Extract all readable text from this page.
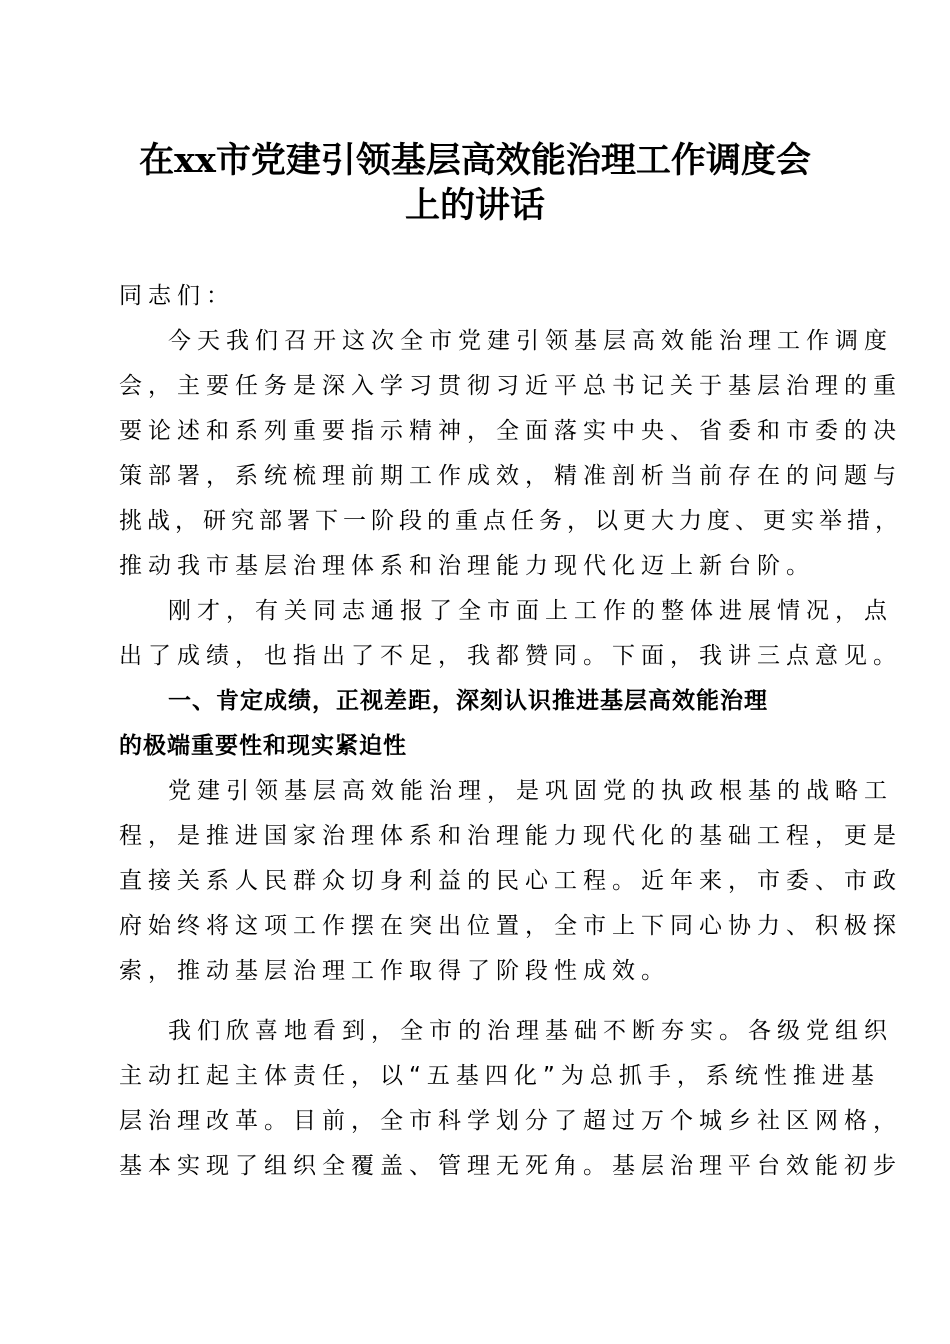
在xx市党建引领基层高效能治理工作调度会
上的讲话
同志们：
今天我们召开这次全市党建引领基层高效能治理工作调度
会，主要任务是深入学习贯彻习近平总书记关于基层治理的重
要论述和系列重要指示精神，全面落实中央、省委和市委的决
策部署，系统梳理前期工作成效，精准剖析当前存在的问题与
挑战，研究部署下一阶段的重点任务，以更大力度、更实举措，
推动我市基层治理体系和治理能力现代化迈上新台阶。
刚才，有关同志通报了全市面上工作的整体进展情况，点
出了成绩，也指出了不足，我都赞同。下面，我讲三点意见。
一、肯定成绩，正视差距，深刻认识推进基层高效能治理
的极端重要性和现实紧迫性
党建引领基层高效能治理，是巩固党的执政根基的战略工
程，是推进国家治理体系和治理能力现代化的基础工程，更是
直接关系人民群众切身利益的民心工程。近年来，市委、市政
府始终将这项工作摆在突出位置，全市上下同心协力、积极探
索，推动基层治理工作取得了阶段性成效。
我们欣喜地看到，全市的治理基础不断夯实。各级党组织
主动扛起主体责任，以“五基四化”为总抓手，系统性推进基
层治理改革。目前，全市科学划分了超过万个城乡社区网格，
基本实现了组织全覆盖、管理无死角。基层治理平台效能初步
